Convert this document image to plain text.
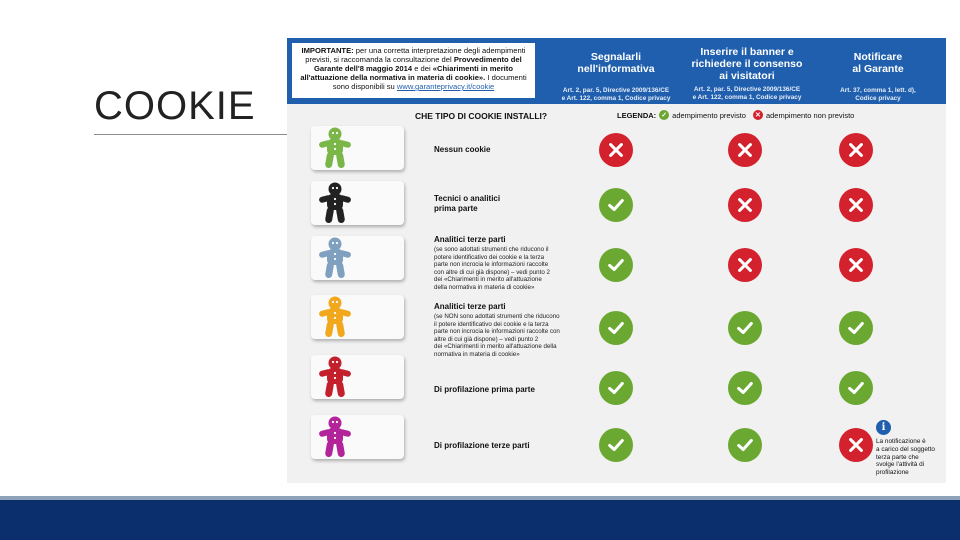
COOKIE
IMPORTANTE: per una corretta interpretazione degli adempimenti previsti, si raccomanda la consultazione del Provvedimento del Garante dell'8 maggio 2014 e dei «Chiarimenti in merito all'attuazione della normativa in materia di cookie». I documenti sono disponibili su www.garanteprivacy.it/cookie
Segnalarli
nell'informativa
Art. 2, par. 5, Directive 2009/136/CE
e Art. 122, comma 1, Codice privacy
Inserire il banner e
richiedere il consenso
ai visitatori
Art. 2, par. 5, Directive 2009/136/CE
e Art. 122, comma 1, Codice privacy
Notificare
al Garante
Art. 37, comma 1, lett. d),
Codice privacy
CHE TIPO DI COOKIE INSTALLI?	LEGENDA: ✓ adempimento previsto ✕ adempimento non previsto
i
La notificazione è
a carico del soggetto
terza parte che
svolge l'attività di
profilazione
Nessun cookie
Tecnici o analitici
prima parte
Analitici terze parti
(se sono adottati strumenti che riducono il
potere identificativo dei cookie e la terza
parte non incrocia le informazioni raccolte
con altre di cui già dispone) – vedi punto 2
dei «Chiarimenti in merito all'attuazione
della normativa in materia di cookie»
Analitici terze parti
(se NON sono adottati strumenti che riducono
il potere identificativo dei cookie e la terza
parte non incrocia le informazioni raccolte con
altre di cui già dispone) – vedi punto 2
dei «Chiarimenti in merito all'attuazione della
normativa in materia di cookie»
Di profilazione prima parte
Di profilazione terze parti
